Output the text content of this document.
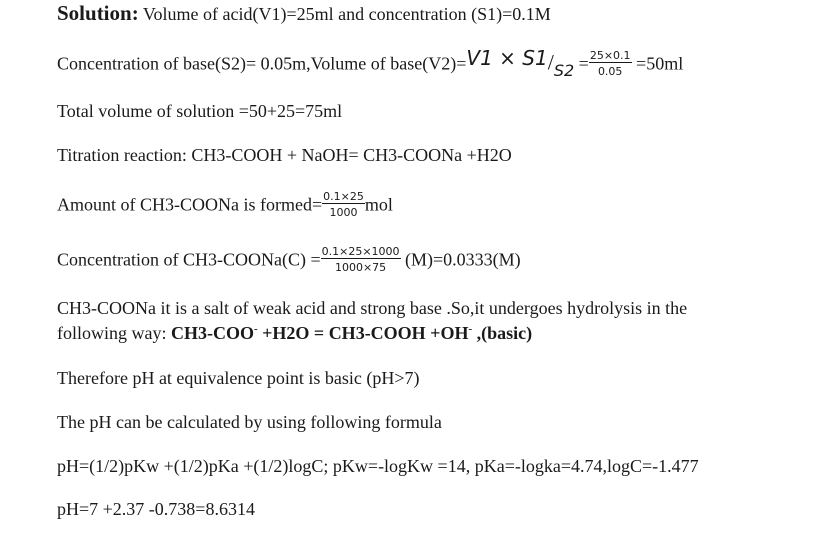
Solution: Volume of acid(V1)=25ml and concentration (S1)=0.1M
Concentration of base(S2)= 0.05m,Volume of base(V2)=V1 × $S1/S2 = \frac{25\times 0.1}{0.05} =50ml$
Total volume of solution =50+25=75ml
Titration reaction: CH3-COOH + NaOH= CH3-COONa +H2O
Amount of CH3-COONa is formed= $\frac{0.1\times 25}{1000}$ mol
Concentration of CH3-COONa(C) = $\frac{0.1\times 25\times 1000}{1000\times 75} (M)=0.0333(M)$
CH3-COONa it is a salt of weak acid and strong base .So,it undergoes hydrolysis in the
following way: CH3-COO- +H2O = CH3-COOH +OH- ,(basic)
Therefore pH at equivalence point is basic (pH>7)
The pH can be calculated by using following formula
pH=(1/2)pKw +(1/2)pKa +(1/2)logC; pKw=-logKw =14, pKa=-logka=4.74,logC=-1.477
pH=7 +2.37 -0.738=8.6314
